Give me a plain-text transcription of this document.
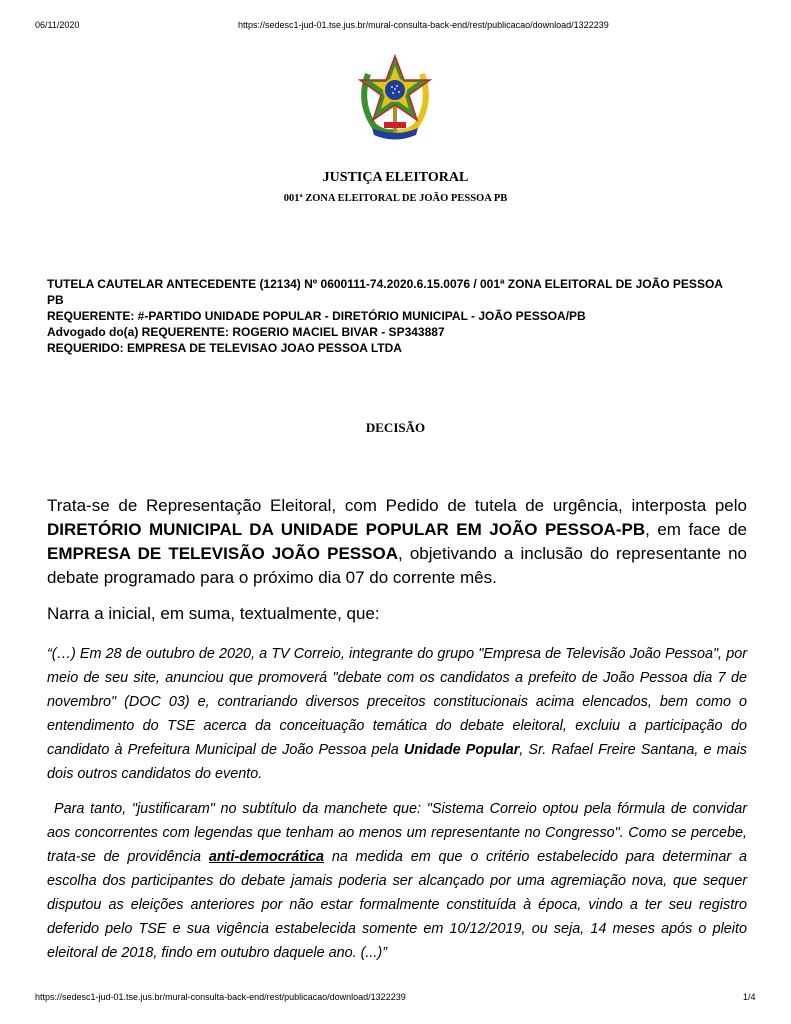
06/11/2020	https://sedesc1-jud-01.tse.jus.br/mural-consulta-back-end/rest/publicacao/download/1322239
JUSTIÇA ELEITORAL
001ª ZONA ELEITORAL DE JOÃO PESSOA PB
TUTELA CAUTELAR ANTECEDENTE (12134) Nº 0600111-74.2020.6.15.0076 / 001ª ZONA ELEITORAL DE JOÃO PESSOA
PB
REQUERENTE: #-PARTIDO UNIDADE POPULAR - DIRETÓRIO MUNICIPAL - JOÃO PESSOA/PB
Advogado do(a) REQUERENTE: ROGERIO MACIEL BIVAR - SP343887
REQUERIDO: EMPRESA DE TELEVISAO JOAO PESSOA LTDA
DECISÃO
Trata-se de Representação Eleitoral, com Pedido de tutela de urgência, interposta pelo DIRETÓRIO MUNICIPAL DA UNIDADE POPULAR EM JOÃO PESSOA-PB, em face de EMPRESA DE TELEVISÃO JOÃO PESSOA, objetivando a inclusão do representante no debate programado para o próximo dia 07 do corrente mês.
Narra a inicial, em suma, textualmente, que:
“(…) Em 28 de outubro de 2020, a TV Correio, integrante do grupo "Empresa de Televisão João Pessoa", por meio de seu site, anunciou que promoverá "debate com os candidatos a prefeito de João Pessoa dia 7 de novembro" (DOC 03) e, contrariando diversos preceitos constitucionais acima elencados, bem como o entendimento do TSE acerca da conceituação temática do debate eleitoral, excluiu a participação do candidato à Prefeitura Municipal de João Pessoa pela Unidade Popular, Sr. Rafael Freire Santana, e mais dois outros candidatos do evento.
Para tanto, "justificaram" no subtítulo da manchete que: "Sistema Correio optou pela fórmula de convidar aos concorrentes com legendas que tenham ao menos um representante no Congresso". Como se percebe, trata-se de providência anti-democrática na medida em que o critério estabelecido para determinar a escolha dos participantes do debate jamais poderia ser alcançado por uma agremiação nova, que sequer disputou as eleições anteriores por não estar formalmente constituída à época, vindo a ter seu registro deferido pelo TSE e sua vigência estabelecida somente em 10/12/2019, ou seja, 14 meses após o pleito eleitoral de 2018, findo em outubro daquele ano. (...)”
https://sedesc1-jud-01.tse.jus.br/mural-consulta-back-end/rest/publicacao/download/1322239	1/4
